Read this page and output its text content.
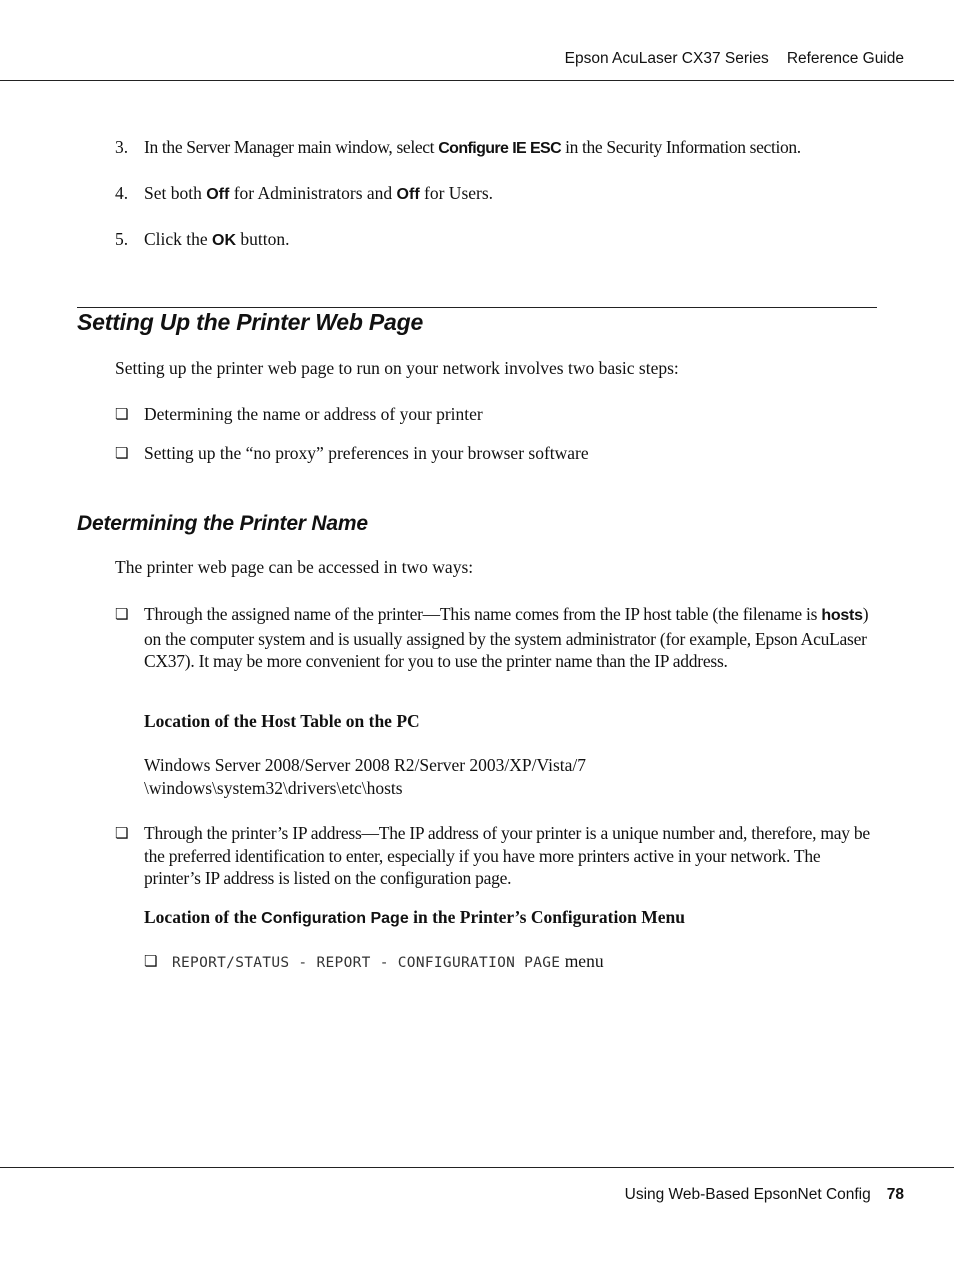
Epson AcuLaser CX37 Series Reference Guide
3. In the Server Manager main window, select Configure IE ESC in the Security Information section.
4. Set both Off for Administrators and Off for Users.
5. Click the OK button.
Setting Up the Printer Web Page
Setting up the printer web page to run on your network involves two basic steps:
❏ Determining the name or address of your printer
❏ Setting up the “no proxy” preferences in your browser software
Determining the Printer Name
The printer web page can be accessed in two ways:
❏ Through the assigned name of the printer—This name comes from the IP host table (the filename is hosts) on the computer system and is usually assigned by the system administrator (for example, Epson AcuLaser CX37). It may be more convenient for you to use the printer name than the IP address.
Location of the Host Table on the PC
Windows Server 2008/Server 2008 R2/Server 2003/XP/Vista/7
\windows\system32\drivers\etc\hosts
❏ Through the printer’s IP address—The IP address of your printer is a unique number and, therefore, may be the preferred identification to enter, especially if you have more printers active in your network. The printer’s IP address is listed on the configuration page.
Location of the Configuration Page in the Printer’s Configuration Menu
❏ REPORT/STATUS - REPORT - CONFIGURATION PAGE menu
Using Web-Based EpsonNet Config 78
